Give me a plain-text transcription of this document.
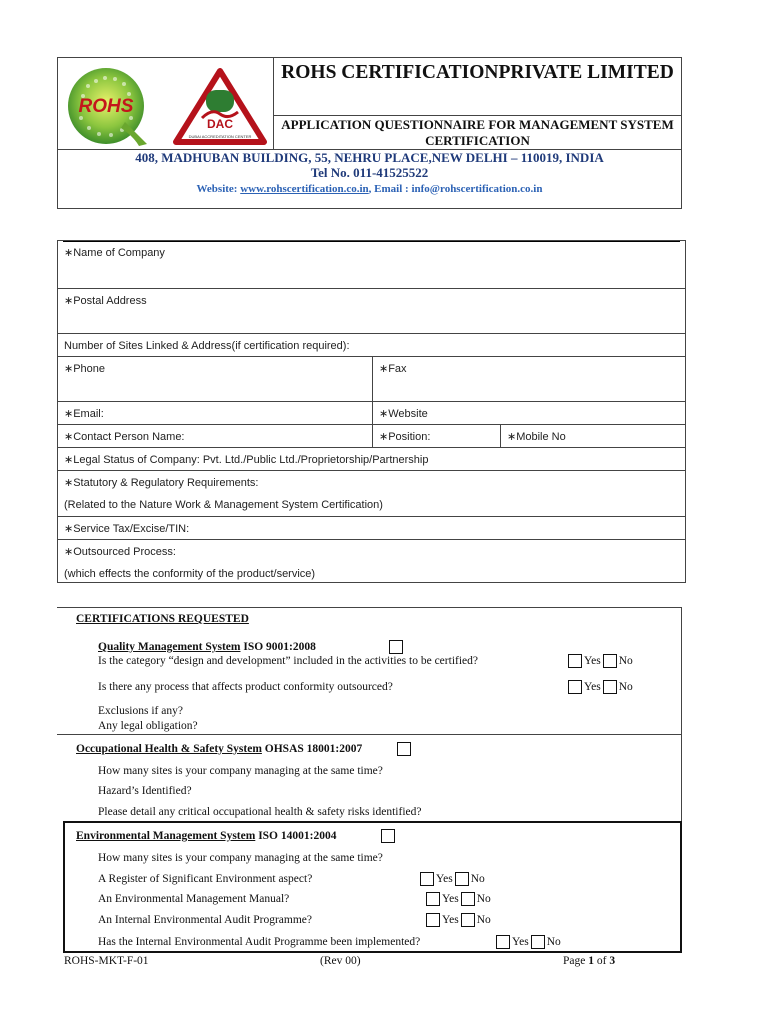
ROHS
DAC
DUBAI ACCREDITATION CENTER
ROHS CERTIFICATIONPRIVATE LIMITED
APPLICATION QUESTIONNAIRE FOR MANAGEMENT SYSTEM CERTIFICATION
408, MADHUBAN BUILDING, 55, NEHRU PLACE,NEW DELHI – 110019, INDIA
Tel No. 011-41525522
Website: www.rohscertification.co.in, Email : info@rohscertification.co.in
∗Name of Company
∗Postal Address
Number of Sites Linked & Address(if certification required):
∗Phone	∗Fax
∗Email:	∗Website
∗Contact Person Name:	∗Position:	∗Mobile No
∗Legal Status of Company: Pvt. Ltd./Public Ltd./Proprietorship/Partnership
∗Statutory & Regulatory Requirements:
(Related to the Nature Work & Management System Certification)
∗Service Tax/Excise/TIN:
∗Outsourced Process:
(which effects the conformity of the product/service)
CERTIFICATIONS REQUESTED
Quality Management System ISO 9001:2008
Is the category “design and development” included in the activities to be certified?	Yes No
Is there any process that affects product conformity outsourced?	Yes No
Exclusions if any?
Any legal obligation?
Occupational Health & Safety System OHSAS 18001:2007
How many sites is your company managing at the same time?
Hazard’s Identified?
Please detail any critical occupational health & safety risks identified?
Environmental Management System ISO 14001:2004
How many sites is your company managing at the same time?
A Register of Significant Environment aspect?	Yes No
An Environmental Management Manual?	Yes No
An Internal Environmental Audit Programme?	Yes No
Has the Internal Environmental Audit Programme been implemented?	Yes No
ROHS-MKT-F-01	(Rev 00)	Page 1 of 3
